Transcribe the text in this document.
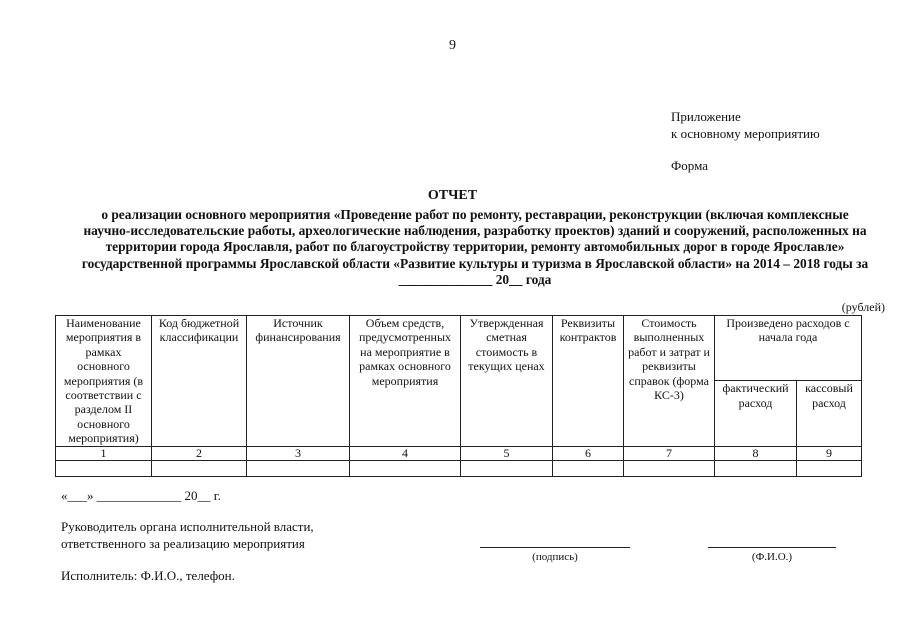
9
Приложение
к основному мероприятию
Форма
ОТЧЕТ
о реализации основного мероприятия «Проведение работ по ремонту, реставрации, реконструкции (включая комплексные научно-исследовательские работы, археологические наблюдения, разработку проектов) зданий и сооружений, расположенных на территории города Ярославля, работ по благоустройству территории, ремонту автомобильных дорог в городе Ярославле» государственной программы Ярославской области «Развитие культуры и туризма в Ярославской области» на 2014 – 2018 годы за ______________ 20__ года
(рублей)
Наименование мероприятия в рамках основного мероприятия (в соответствии с разделом II основного мероприятия)	Код бюджетной классификации	Источник финансирования	Объем средств, предусмотренных на мероприятие в рамках основного мероприятия	Утвержденная сметная стоимость в текущих ценах	Реквизиты контрактов	Стоимость выполненных работ и затрат и реквизиты справок (форма КС-3)	Произведено расходов с начала года	
							фактический расход	кассовый расход
1	2	3	4	5	6	7	8	9

«___» _____________ 20__ г.
Руководитель органа исполнительной власти,
ответственного за реализацию мероприятия
(подпись)	(Ф.И.О.)
Исполнитель: Ф.И.О., телефон.
